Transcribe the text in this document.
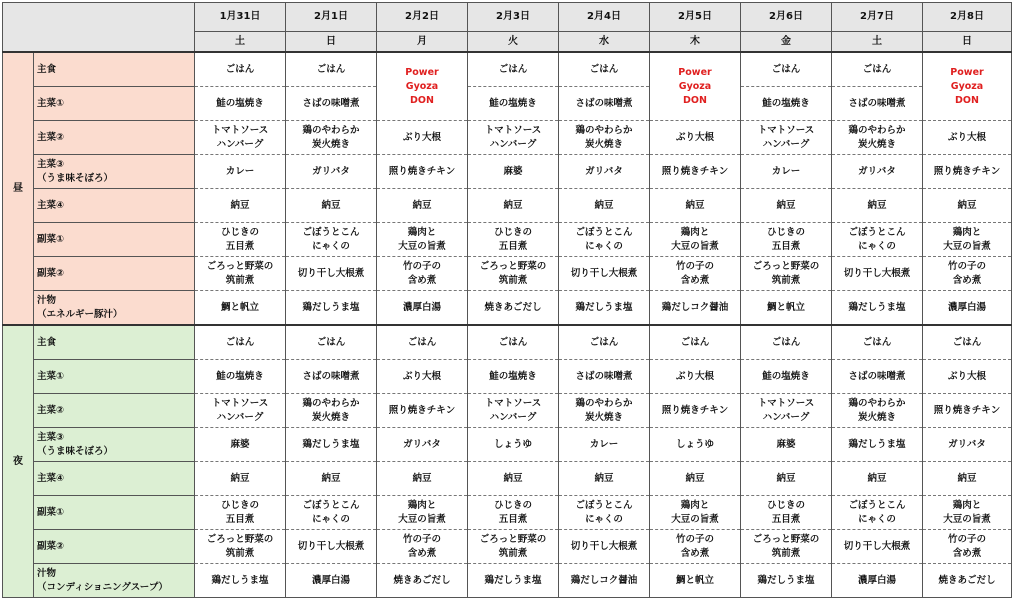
		1月31日	2月1日	2月2日	2月3日	2月4日	2月5日	2月6日	2月7日	2月8日
		土	日	月	火	水	木	金	土	日
昼	主食	ごはん	ごはん	Power
Gyoza
DON	ごはん	ごはん	Power
Gyoza
DON	ごはん	ごはん	Power
Gyoza
DON

	主菜①	鮭の塩焼き	さばの味噌煮		鮭の塩焼き	さばの味噌煮		鮭の塩焼き	さばの味噌煮	

	主菜②	トマトソース
ハンバーグ	鶏のやわらか
炭火焼き	ぶり大根	トマトソース
ハンバーグ	鶏のやわらか
炭火焼き	ぶり大根	トマトソース
ハンバーグ	鶏のやわらか
炭火焼き	ぶり大根

	主菜③
（うま味そぼろ）	カレー	ガリバタ	照り焼きチキン	麻婆	ガリバタ	照り焼きチキン	カレー	ガリバタ	照り焼きチキン

	主菜④	納豆	納豆	納豆	納豆	納豆	納豆	納豆	納豆	納豆

	副菜①	ひじきの
五目煮	ごぼうとこん
にゃくの	鶏肉と
大豆の旨煮	ひじきの
五目煮	ごぼうとこん
にゃくの	鶏肉と
大豆の旨煮	ひじきの
五目煮	ごぼうとこん
にゃくの	鶏肉と
大豆の旨煮

	副菜②	ごろっと野菜の
筑前煮	切り干し大根煮	竹の子の
含め煮	ごろっと野菜の
筑前煮	切り干し大根煮	竹の子の
含め煮	ごろっと野菜の
筑前煮	切り干し大根煮	竹の子の
含め煮

	汁物
（エネルギー豚汁）	鯛と帆立	鶏だしうま塩	濃厚白湯	焼きあごだし	鶏だしうま塩	鶏だしコク醤油	鯛と帆立	鶏だしうま塩	濃厚白湯

夜	主食	ごはん	ごはん	ごはん	ごはん	ごはん	ごはん	ごはん	ごはん	ごはん

	主菜①	鮭の塩焼き	さばの味噌煮	ぶり大根	鮭の塩焼き	さばの味噌煮	ぶり大根	鮭の塩焼き	さばの味噌煮	ぶり大根

	主菜②	トマトソース
ハンバーグ	鶏のやわらか
炭火焼き	照り焼きチキン	トマトソース
ハンバーグ	鶏のやわらか
炭火焼き	照り焼きチキン	トマトソース
ハンバーグ	鶏のやわらか
炭火焼き	照り焼きチキン

	主菜③
（うま味そぼろ）	麻婆	鶏だしうま塩	ガリバタ	しょうゆ	カレー	しょうゆ	麻婆	鶏だしうま塩	ガリバタ

	主菜④	納豆	納豆	納豆	納豆	納豆	納豆	納豆	納豆	納豆

	副菜①	ひじきの
五目煮	ごぼうとこん
にゃくの	鶏肉と
大豆の旨煮	ひじきの
五目煮	ごぼうとこん
にゃくの	鶏肉と
大豆の旨煮	ひじきの
五目煮	ごぼうとこん
にゃくの	鶏肉と
大豆の旨煮

	副菜②	ごろっと野菜の
筑前煮	切り干し大根煮	竹の子の
含め煮	ごろっと野菜の
筑前煮	切り干し大根煮	竹の子の
含め煮	ごろっと野菜の
筑前煮	切り干し大根煮	竹の子の
含め煮

	汁物
（コンディショニングスープ）	鶏だしうま塩	濃厚白湯	焼きあごだし	鶏だしうま塩	鶏だしコク醤油	鯛と帆立	鶏だしうま塩	濃厚白湯	焼きあごだし
